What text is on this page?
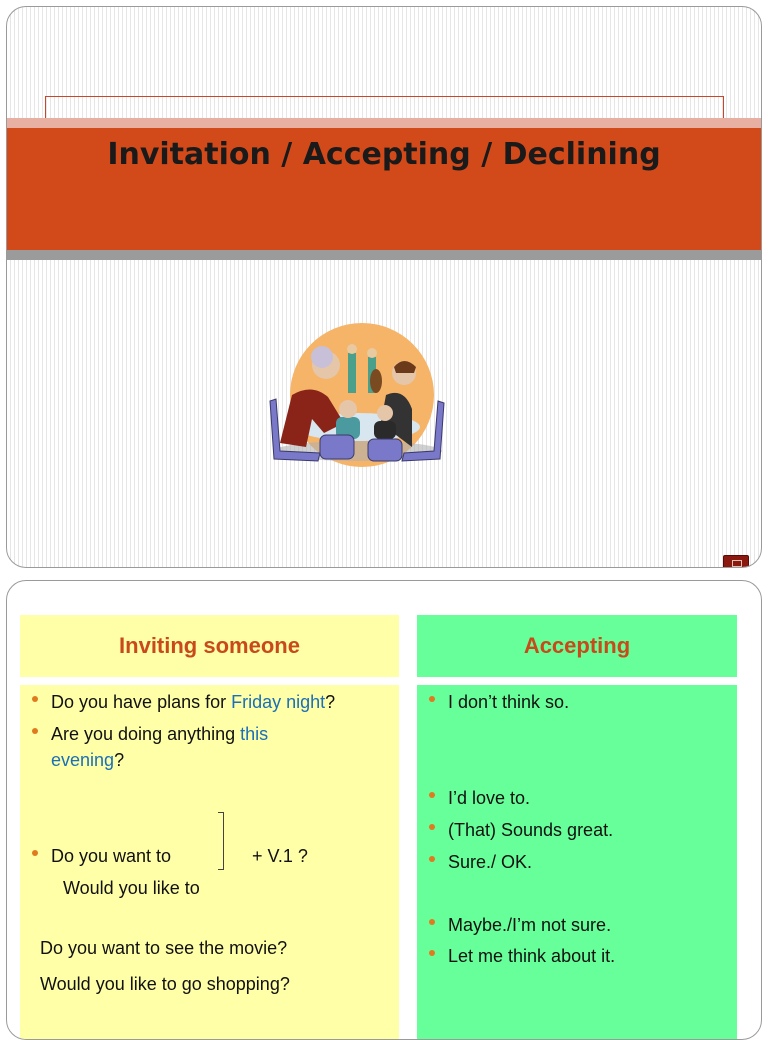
Invitation / Accepting / Declining
Inviting someone	Accepting
Do you have plans for Friday night?
Are you doing anything this
evening?
Do you want to	+ V.1 ?
Would you like to
Do you want to see the movie?
Would you like to go shopping?
I don’t think so.
I’d love to.
(That) Sounds great.
Sure./ OK.
Maybe./I’m not sure.
Let me think about it.
